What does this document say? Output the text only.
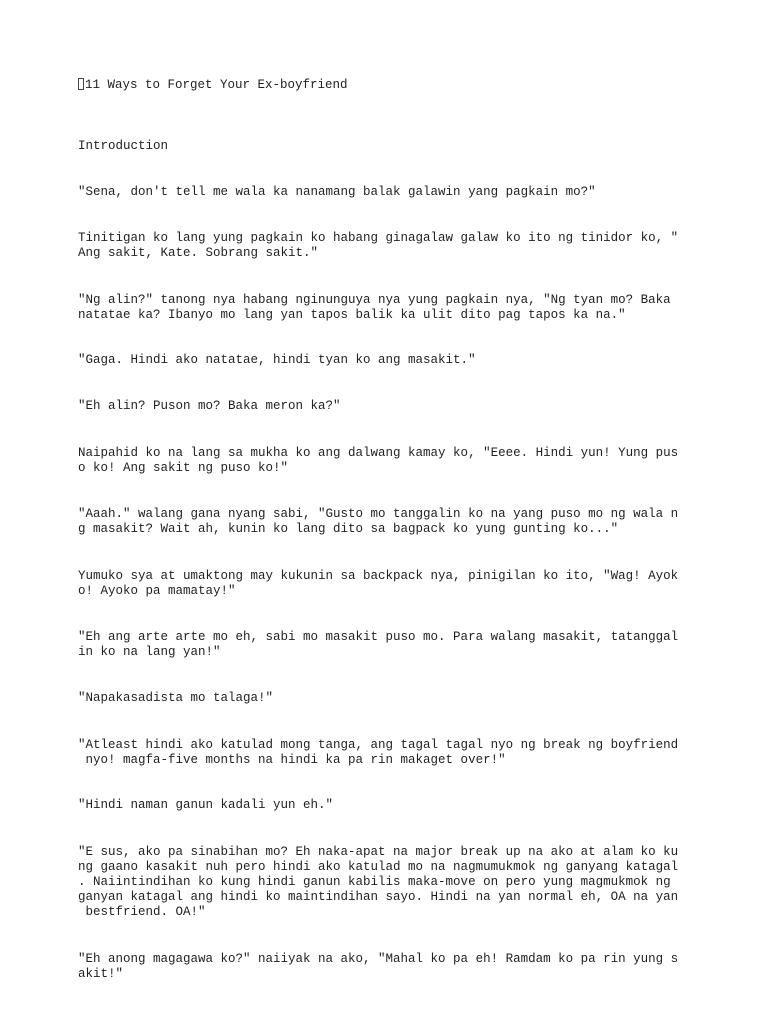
11 Ways to Forget Your Ex-boyfriend
Introduction
"Sena, don't tell me wala ka nanamang balak galawin yang pagkain mo?"
Tinitigan ko lang yung pagkain ko habang ginagalaw galaw ko ito ng tinidor ko, "
Ang sakit, Kate. Sobrang sakit."
"Ng alin?" tanong nya habang nginunguya nya yung pagkain nya, "Ng tyan mo? Baka
natatae ka? Ibanyo mo lang yan tapos balik ka ulit dito pag tapos ka na."
"Gaga. Hindi ako natatae, hindi tyan ko ang masakit."
"Eh alin? Puson mo? Baka meron ka?"
Naipahid ko na lang sa mukha ko ang dalwang kamay ko, "Eeee. Hindi yun! Yung pus
o ko! Ang sakit ng puso ko!"
"Aaah." walang gana nyang sabi, "Gusto mo tanggalin ko na yang puso mo ng wala n
g masakit? Wait ah, kunin ko lang dito sa bagpack ko yung gunting ko..."
Yumuko sya at umaktong may kukunin sa backpack nya, pinigilan ko ito, "Wag! Ayok
o! Ayoko pa mamatay!"
"Eh ang arte arte mo eh, sabi mo masakit puso mo. Para walang masakit, tatanggal
in ko na lang yan!"
"Napakasadista mo talaga!"
"Atleast hindi ako katulad mong tanga, ang tagal tagal nyo ng break ng boyfriend
nyo! magfa-five months na hindi ka pa rin makaget over!"
"Hindi naman ganun kadali yun eh."
"E sus, ako pa sinabihan mo? Eh naka-apat na major break up na ako at alam ko ku
ng gaano kasakit nuh pero hindi ako katulad mo na nagmumukmok ng ganyang katagal
. Naiintindihan ko kung hindi ganun kabilis maka-move on pero yung magmukmok ng
ganyan katagal ang hindi ko maintindihan sayo. Hindi na yan normal eh, OA na yan
bestfriend. OA!"
"Eh anong magagawa ko?" naiiyak na ako, "Mahal ko pa eh! Ramdam ko pa rin yung s
akit!"
